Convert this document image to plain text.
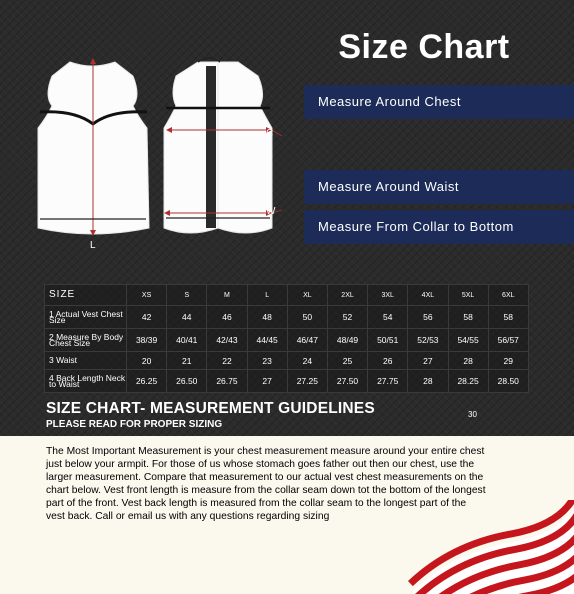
C
W
L
Size Chart
Measure Around Chest
Measure Around Waist
Measure From Collar to Bottom
SIZE	XS	S	M	L	XL	2XL	3XL	4XL	5XL	6XL
1 Actual Vest Chest Size	42	44	46	48	50	52	54	56	58	58
2 Measure By Body Chest Size	38/39	40/41	42/43	44/45	46/47	48/49	50/51	52/53	54/55	56/57
3 Waist	20	21	22	23	24	25	26	27	28	29
4 Back Length Neck to Waist	26.25	26.50	26.75	27	27.25	27.50	27.75	28	28.25	28.50
SIZE CHART- MEASUREMENT GUIDELINES
PLEASE READ FOR PROPER SIZING
30
The Most Important Measurement is your chest measurement measure around your entire chest just below your armpit. For those of us whose stomach goes father out then our chest, use the larger measurement. Compare that measurement to our actual vest chest measurements on the chart below. Vest front length is measure from the collar seam down tot the bottom of the longest part of the front. Vest back length is measured from the collar seam to the longest part of the vest back. Call or email us with any questions regarding sizing
